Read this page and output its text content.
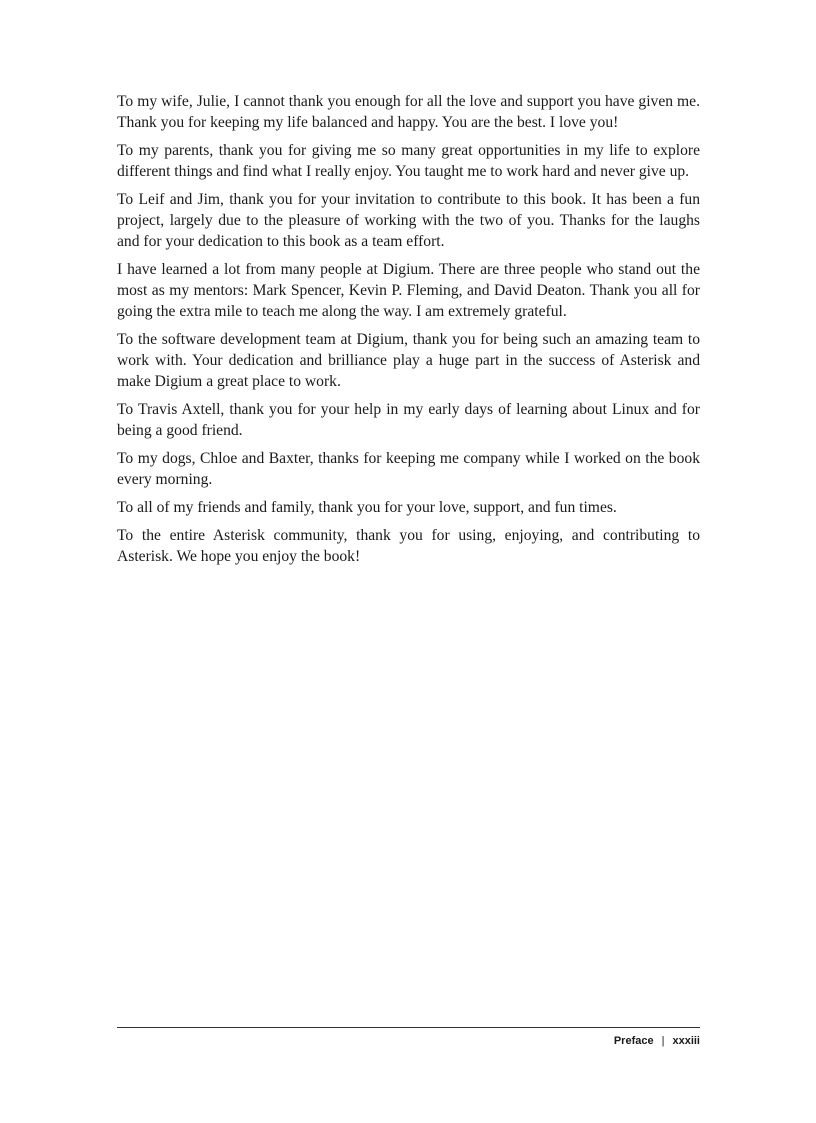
To my wife, Julie, I cannot thank you enough for all the love and support you have given me. Thank you for keeping my life balanced and happy. You are the best. I love you!

To my parents, thank you for giving me so many great opportunities in my life to explore different things and find what I really enjoy. You taught me to work hard and never give up.

To Leif and Jim, thank you for your invitation to contribute to this book. It has been a fun project, largely due to the pleasure of working with the two of you. Thanks for the laughs and for your dedication to this book as a team effort.

I have learned a lot from many people at Digium. There are three people who stand out the most as my mentors: Mark Spencer, Kevin P. Fleming, and David Deaton. Thank you all for going the extra mile to teach me along the way. I am extremely grateful.

To the software development team at Digium, thank you for being such an amazing team to work with. Your dedication and brilliance play a huge part in the success of Asterisk and make Digium a great place to work.

To Travis Axtell, thank you for your help in my early days of learning about Linux and for being a good friend.

To my dogs, Chloe and Baxter, thanks for keeping me company while I worked on the book every morning.

To all of my friends and family, thank you for your love, support, and fun times.

To the entire Asterisk community, thank you for using, enjoying, and contributing to Asterisk. We hope you enjoy the book!

Preface | xxxiii
